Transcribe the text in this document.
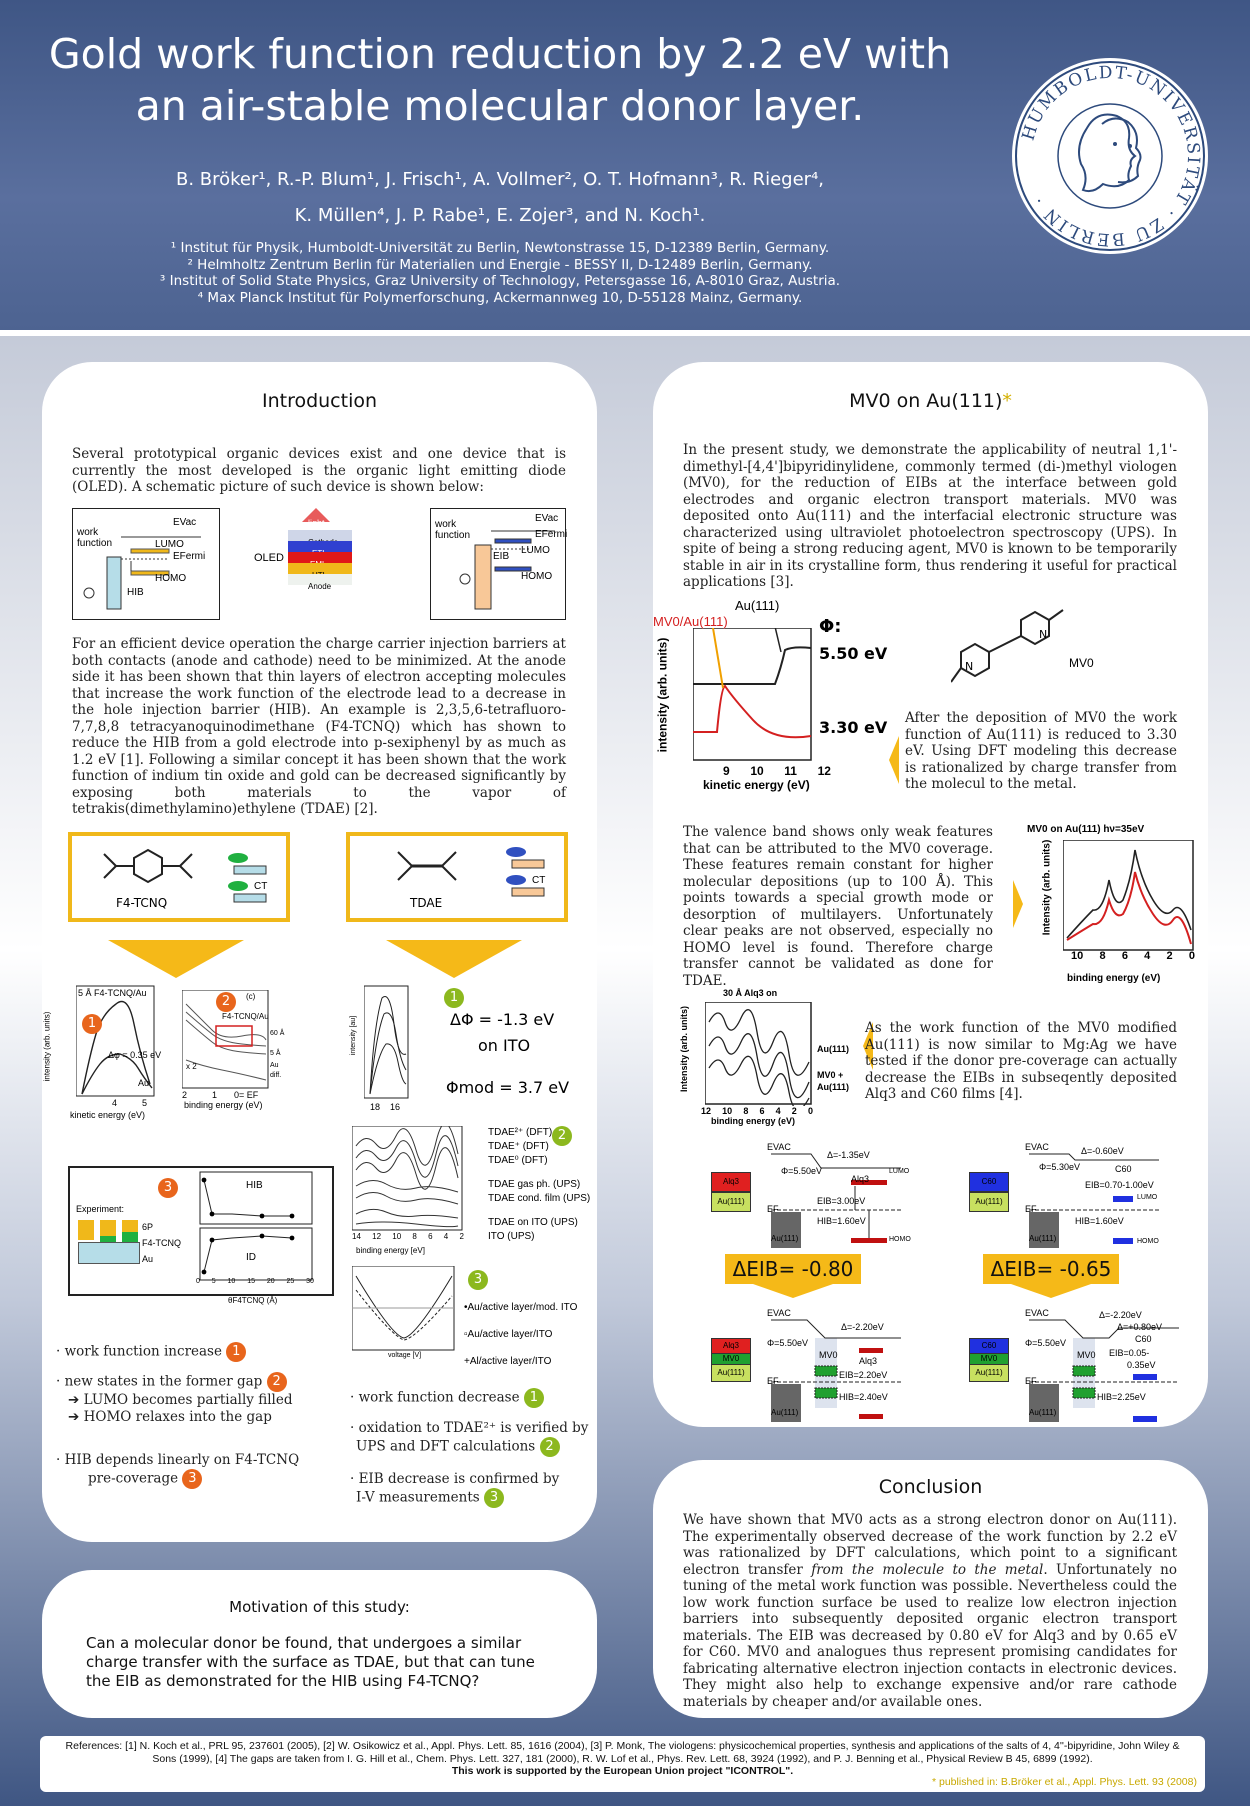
Gold work function reduction by 2.2 eV with
an air-stable molecular donor layer.
B. Bröker¹, R.-P. Blum¹, J. Frisch¹, A. Vollmer², O. T. Hofmann³, R. Rieger⁴,
K. Müllen⁴, J. P. Rabe¹, E. Zojer³, and N. Koch¹.
¹ Institut für Physik, Humboldt-Universität zu Berlin, Newtonstrasse 15, D-12389 Berlin, Germany.
² Helmholtz Zentrum Berlin für Materialien und Energie - BESSY II, D-12489 Berlin, Germany.
³ Institut of Solid State Physics, Graz University of Technology, Petersgasse 16, A-8010 Graz, Austria.
⁴ Max Planck Institut für Polymerforschung, Ackermannweg 10, D-55128 Mainz, Germany.
HUMBOLDT-UNIVERSITÄT · ZU BERLIN ·
Introduction

Several prototypical organic devices exist and one device that is currently the most developed is the organic light emitting diode (OLED). A schematic picture of such device is shown below:

EVac
work function	LUMO
EFermi
HOMO
HIB
OLED
light
Anode
EVac
work function	EFermi
LUMO
EIB
HOMO

For an efficient device operation the charge carrier injection barriers at both contacts (anode and cathode) need to be minimized. At the anode side it has been shown that thin layers of electron accepting molecules that increase the work function of the electrode lead to a decrease in the hole injection barrier (HIB). An example is 2,3,5,6-tetrafluoro-7,7,8,8 tetracyanoquinodimethane (F4-TCNQ) which has shown to reduce the HIB from a gold electrode into p-sexiphenyl by as much as 1.2 eV [1]. Following a similar concept it has been shown that the work function of indium tin oxide and gold can be decreased significantly by exposing both materials to the vapor of tetrakis(dimethylamino)ethylene (TDAE) [2].

CT
F4-TCNQ
CT
TDAE
1
5 Å F4-TCNQ/Au
Δφ = 0.35 eV
Au
intensity (arb. units)
4	5
kinetic energy (eV)
2	(c)
F4-TCNQ/Au
x 2
60 Å
5 Å
Au
diff.
2	1 0= EF
binding energy (eV)
intensity [au]
18 16
1
ΔΦ = -1.3 eV
on ITO
Φmod = 3.7 eV
binding energy [eV]
14 12 10 8 6 4 2
TDAE²⁺ (DFT)
TDAE⁺ (DFT)
TDAE⁰ (DFT)
TDAE gas ph. (UPS)
TDAE cond. film (UPS)
TDAE on ITO (UPS)
ITO (UPS)
2
voltage [V]
3
•Au/active layer/mod. ITO
▫Au/active layer/ITO
+Al/active layer/ITO
Experiment:
6P
F4-TCNQ
Au
3	HIB
ID
0 5 10 15 20 25 30
θF4TCNQ (Å)
· work function increase 1
· new states in the former gap 2
➔ LUMO becomes partially filled
➔ HOMO relaxes into the gap
· HIB depends linearly on F4-TCNQ
pre-coverage 3
· work function decrease 1
· oxidation to TDAE²⁺ is verified by
UPS and DFT calculations 2
· EIB decrease is confirmed by
I-V measurements 3
Motivation of this study:
Can a molecular donor be found, that undergoes a similar charge transfer with the surface as TDAE, but that can tune the EIB as demonstrated for the HIB using F4-TCNQ?
MV0 on Au(111)*

In the present study, we demonstrate the applicability of neutral 1,1'-dimethyl-[4,4']bipyridinylidene, commonly termed (di-)methyl viologen (MV0), for the reduction of EIBs at the interface between gold electrodes and organic electron transport materials. MV0 was deposited onto Au(111) and the interfacial electronic structure was characterized using ultraviolet photoelectron spectroscopy (UPS). In spite of being a strong reducing agent, MV0 is known to be temporarily stable in air in its crystalline form, thus rendering it useful for practical applications [3].

Au(111)
MV0/Au(111)	Φ:
5.50 eV
3.30 eV
intensity (arb. units)
9 10 11 12
kinetic energy (eV)
N
N
MV0

After the deposition of MV0 the work function of Au(111) is reduced to 3.30 eV. Using DFT modeling this decrease is rationalized by charge transfer from the molecul to the metal.

The valence band shows only weak features that can be attributed to the MV0 coverage. These features remain constant for higher molecular depositions (up to 100 Å). This points towards a special growth mode or desorption of multilayers. Unfortunately clear peaks are not observed, especially no HOMO level is found. Therefore charge transfer cannot be validated as done for TDAE.

MV0 on Au(111) hν=35eV
Intensity (arb. units)
10 8 6 4 2 0
binding energy (eV)
30 Å Alq3 on
Intensity (arb. units)	Au(111)
MV0 +
Au(111)
12 10 8 6 4 2 0
binding energy (eV)

As the work function of the MV0 modified Au(111) is now similar to Mg:Ag we have tested if the donor pre-coverage can actually decrease the EIBs in subseqently deposited Alq3 and C60 films [4].

Alq3
Au(111)
EVAC
Δ=-1.35eV
Φ=5.50eV
Alq3
LUMO
EIB=3.00eV
EF
HIB=1.60eV
Au(111)	HOMO
C60
Au(111)
EVAC	Δ=-0.60eV
Φ=5.30eV	C60
EIB=0.70-1.00eV
LUMO
EF
HIB=1.60eV
Au(111)	HOMO
ΔEIB= -0.80	ΔEIB= -0.65
Alq3
MV0
Au(111)
EVAC
Δ=-2.20eV
Φ=5.50eV
MV0
Alq3
EIB=2.20eV
EF
HIB=2.40eV
Au(111)
C60
MV0
Au(111)
EVAC	Δ=-2.20eV
Δ=+0.80eV
C60
Φ=5.50eV
MV0 EIB=0.05-
0.35eV
EF
HIB=2.25eV
Au(111)
Conclusion

We have shown that MV0 acts as a strong electron donor on Au(111). The experimentally observed decrease of the work function by 2.2 eV was rationalized by DFT calculations, which point to a significant electron transfer from the molecule to the metal. Unfortunately no tuning of the metal work function was possible. Nevertheless could the low work function surface be used to realize low electron injection barriers into subsequently deposited organic electron transport materials. The EIB was decreased by 0.80 eV for Alq3 and by 0.65 eV for C60. MV0 and analogues thus represent promising candidates for fabricating alternative electron injection contacts in electronic devices. They might also help to exchange expensive and/or rare cathode materials by cheaper and/or available ones.

References: [1] N. Koch et al., PRL 95, 237601 (2005), [2] W. Osikowicz et al., Appl. Phys. Lett. 85, 1616 (2004), [3] P. Monk, The viologens: physicochemical properties, synthesis and applications of the salts of 4, 4''-bipyridine, John Wiley & Sons (1999), [4] The gaps are taken from I. G. Hill et al., Chem. Phys. Lett. 327, 181 (2000), R. W. Lof et al., Phys. Rev. Lett. 68, 3924 (1992), and P. J. Benning et al., Physical Review B 45, 6899 (1992).
This work is supported by the European Union project "ICONTROL".
* published in: B.Bröker et al., Appl. Phys. Lett. 93 (2008)
